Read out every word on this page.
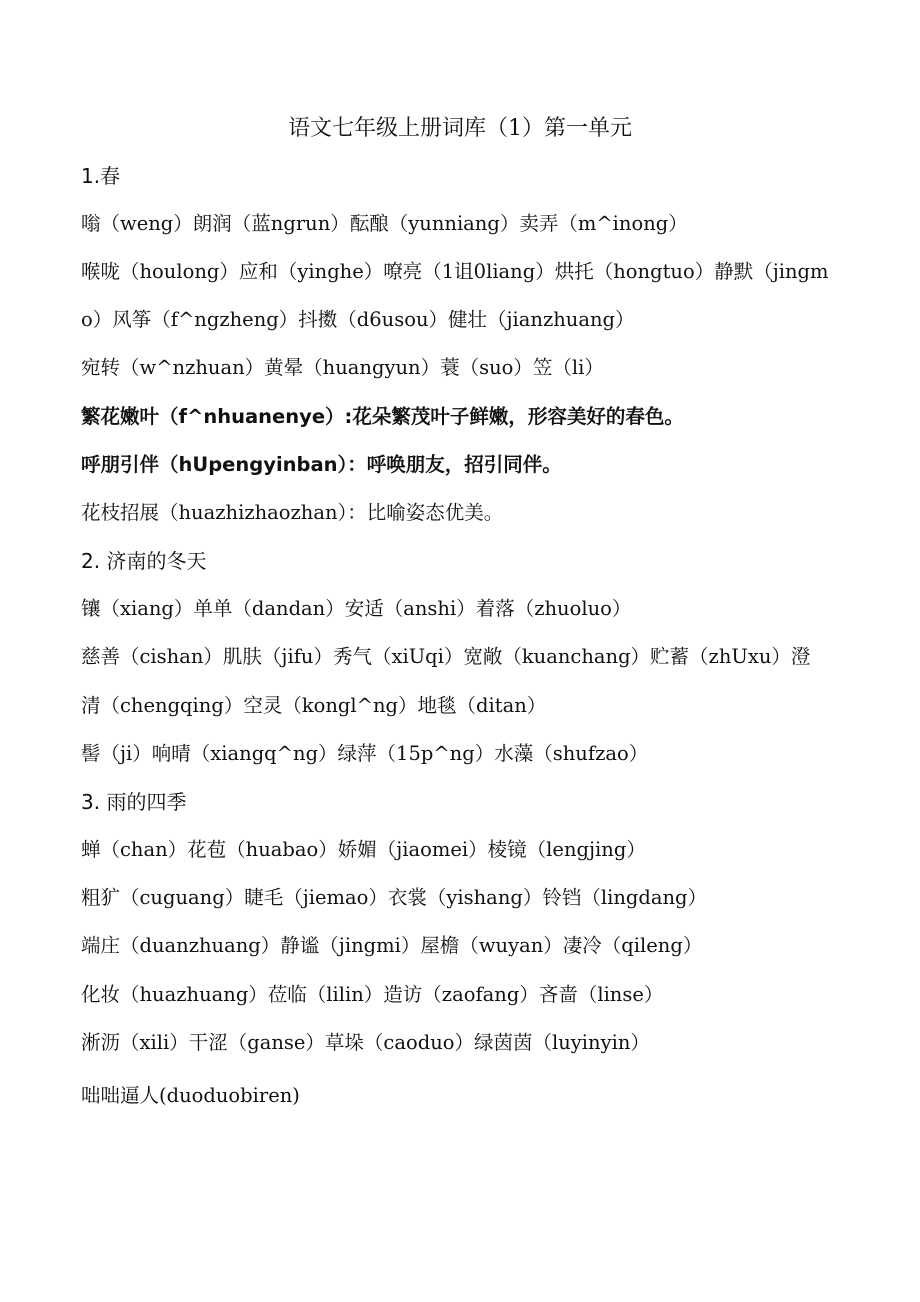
语文七年级上册词库（1）第一单元
1.春
嗡（weng）朗润（蓝ngrun）酝酿（yunniang）卖弄（m^inong）
喉咙（houlong）应和（yinghe）嘹亮（1诅0liang）烘托（hongtuo）静默（jingm
o）风筝（f^ngzheng）抖擞（d6usou）健壮（jianzhuang）
宛转（w^nzhuan）黄晕（huangyun）蓑（suo）笠（li）
繁花嫩叶（f^nhuanenye）:花朵繁茂叶子鲜嫩，形容美好的春色。
呼朋引伴（hUpengyinban）：呼唤朋友，招引同伴。
花枝招展（huazhizhaozhan）：比喻姿态优美。
2. 济南的冬天
镶（xiang）单单（dandan）安适（anshi）着落（zhuoluo）
慈善（cishan）肌肤（jifu）秀气（xiUqi）宽敞（kuanchang）贮蓄（zhUxu）澄
清（chengqing）空灵（kongl^ng）地毯（ditan）
髻（ji）响晴（xiangq^ng）绿萍（15p^ng）水藻（shufzao）
3. 雨的四季
蝉（chan）花苞（huabao）娇媚（jiaomei）棱镜（lengjing）
粗犷（cuguang）睫毛（jiemao）衣裳（yishang）铃铛（lingdang）
端庄（duanzhuang）静谧（jingmi）屋檐（wuyan）凄冷（qileng）
化妆（huazhuang）莅临（lilin）造访（zaofang）吝啬（linse）
淅沥（xili）干涩（ganse）草垛（caoduo）绿茵茵（luyinyin）
咄咄逼人(duoduobiren)
